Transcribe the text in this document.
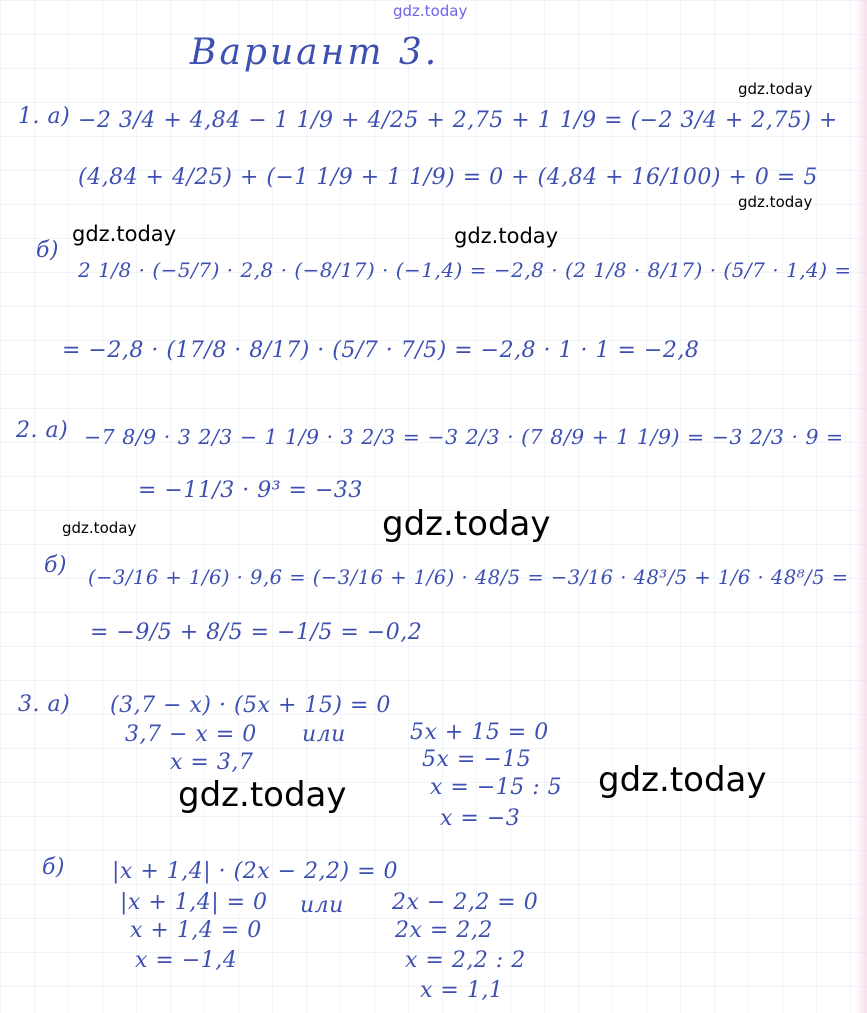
gdz.today
gdz.today
gdz.today
gdz.today	gdz.today
gdz.today	gdz.today
gdz.today
gdz.today
Вариант 3.
1. а) −2 3/4 + 4,84 − 1 1/9 + 4/25 + 2,75 + 1 1/9 = (−2 3/4 + 2,75) +
(4,84 + 4/25) + (−1 1/9 + 1 1/9) = 0 + (4,84 + 16/100) + 0 = 5
б)
2 1/8 · (−5/7) · 2,8 · (−8/17) · (−1,4) = −2,8 · (2 1/8 · 8/17) · (5/7 · 1,4) =
= −2,8 · (17/8 · 8/17) · (5/7 · 7/5) = −2,8 · 1 · 1 = −2,8
2. а) −7 8/9 · 3 2/3 − 1 1/9 · 3 2/3 = −3 2/3 · (7 8/9 + 1 1/9) = −3 2/3 · 9 =
= −11/3 · 9³ = −33
б) (−3/16 + 1/6) · 9,6 = (−3/16 + 1/6) · 48/5 = −3/16 · 48³/5 + 1/6 · 48⁸/5 =
= −9/5 + 8/5 = −1/5 = −0,2
3. а) (3,7 − x) · (5x + 15) = 0
3,7 − x = 0 или
x = 3,7
5x + 15 = 0
5x = −15
x = −15 : 5
x = −3
б) |x + 1,4| · (2x − 2,2) = 0
|x + 1,4| = 0 или
x + 1,4 = 0
x = −1,4
2x − 2,2 = 0
2x = 2,2
x = 2,2 : 2
x = 1,1
